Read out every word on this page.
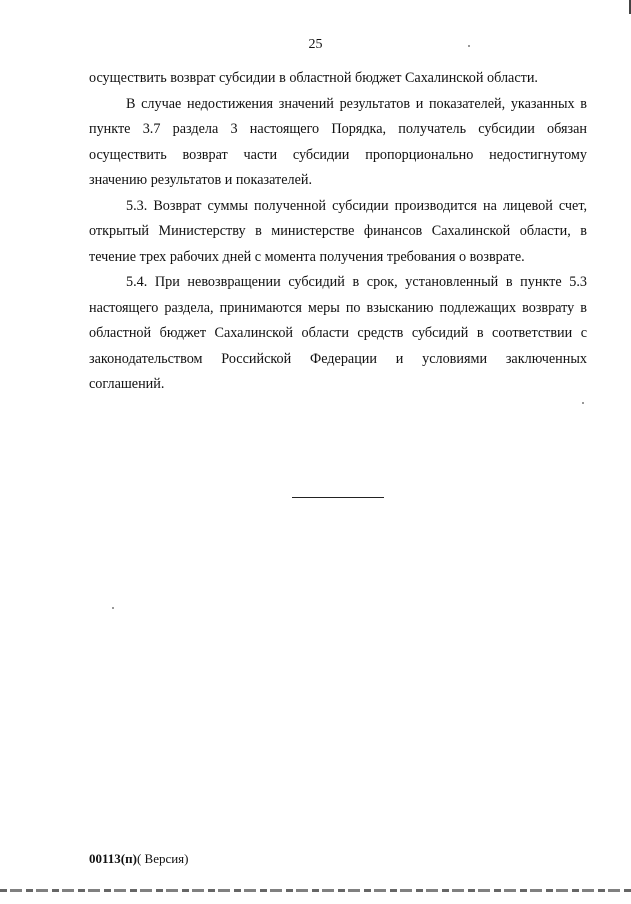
25

осуществить возврат субсидии в областной бюджет Сахалинской области.

В случае недостижения значений результатов и показателей, указанных в пункте 3.7 раздела 3 настоящего Порядка, получатель субсидии обязан осуществить возврат части субсидии пропорционально недостигнутому значению результатов и показателей.

5.3. Возврат суммы полученной субсидии производится на лицевой счет, открытый Министерству в министерстве финансов Сахалинской области, в течение трех рабочих дней с момента получения требования о возврате.

5.4. При невозвращении субсидий в срок, установленный в пункте 5.3 настоящего раздела, принимаются меры по взысканию подлежащих возврату в областной бюджет Сахалинской области средств субсидий в соответствии с законодательством Российской Федерации и условиями заключенных соглашений.

00113(п)( Версия)
